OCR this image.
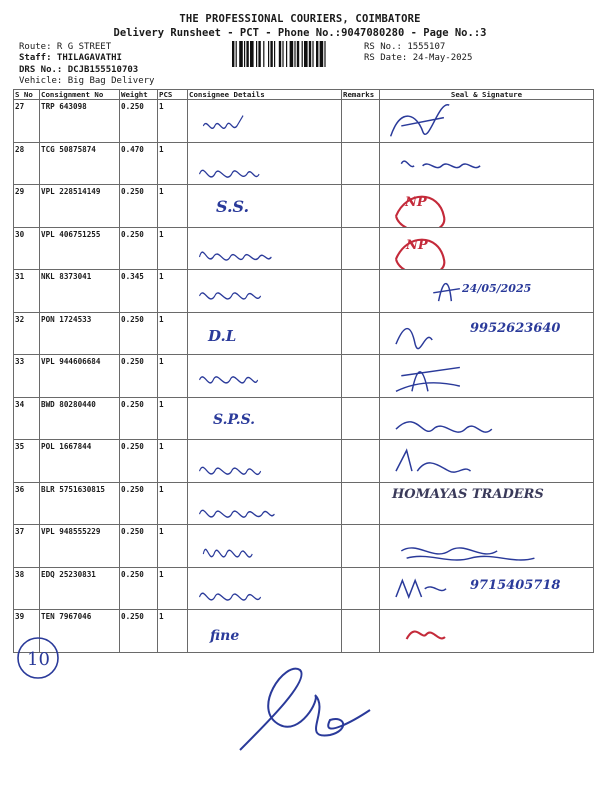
THE PROFESSIONAL COURIERS, COIMBATORE
Delivery Runsheet - PCT - Phone No.:9047080280 - Page No.:3
Route: R G STREET
Staff: THILAGAVATHI
DRS No.: DCJB155510703
Vehicle: Big Bag Delivery
RS No.: 1555107
RS Date: 24-May-2025
S No	Consignment No	Weight	PCS	Consignee Details	Remarks	Seal & Signature
27	TRP 643098	0.250	1	

28	TCG 50875874	0.470	1	

29	VPL 228514149	0.250	1	S.S.		NP

30	VPL 406751255	0.250	1			NP

31	NKL 8373041	0.345	1			24/05/2025

32	PON 1724533	0.250	1	D.L		9952623640

33	VPL 944606684	0.250	1	

34	BWD 80280440	0.250	1	S.P.S.

35	POL 1667844	0.250	1	

36	BLR 5751630815	0.250	1			HOMAYAS TRADERS

37	VPL 948555229	0.250	1	

38	EDQ 25230831	0.250	1			9715405718

39	TEN 7967046	0.250	1	fine

10
